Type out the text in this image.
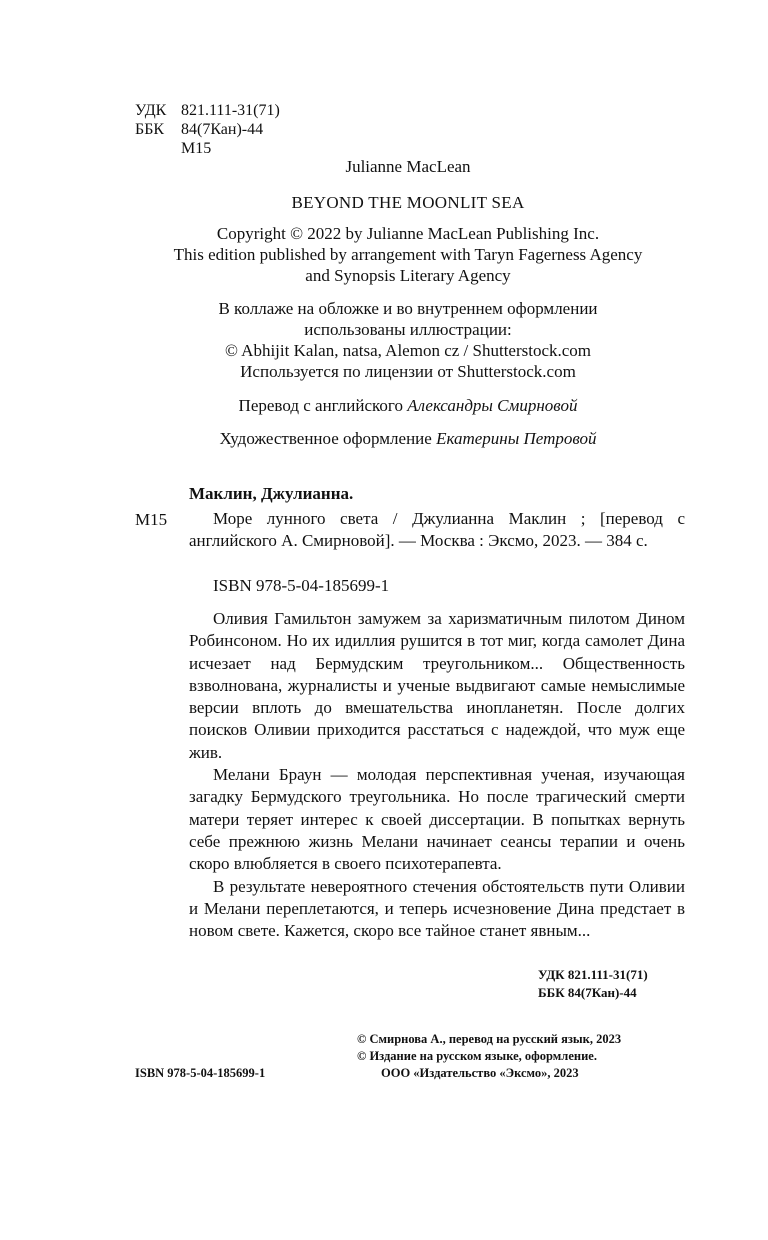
УДК 821.111-31(71)
ББК 84(7Кан)-44
М15
Julianne MacLean
BEYOND THE MOONLIT SEA
Copyright © 2022 by Julianne MacLean Publishing Inc.
This edition published by arrangement with Taryn Fagerness Agency
and Synopsis Literary Agency
В коллаже на обложке и во внутреннем оформлении
использованы иллюстрации:
© Abhijit Kalan, natsa, Alemon cz / Shutterstock.com
Используется по лицензии от Shutterstock.com
Перевод с английского Александры Смирновой
Художественное оформление Екатерины Петровой
Маклин, Джулианна.
М15	Море лунного света / Джулианна Маклин ; [перевод с английского А. Смирновой]. — Москва : Эксмо, 2023. — 384 с.
ISBN 978-5-04-185699-1

Оливия Гамильтон замужем за харизматичным пилотом Дином Робинсоном. Но их идиллия рушится в тот миг, когда самолет Дина исчезает над Бермудским треугольником... Общественность взволнована, журналисты и ученые выдвигают самые немыслимые версии вплоть до вмешательства инопланетян. После долгих поисков Оливии приходится расстаться с надеждой, что муж еще жив.

Мелани Браун — молодая перспективная ученая, изучающая загадку Бермудского треугольника. Но после трагический смерти матери теряет интерес к своей диссертации. В попытках вернуть себе прежнюю жизнь Мелани начинает сеансы терапии и очень скоро влюбляется в своего психотерапевта.

В результате невероятного стечения обстоятельств пути Оливии и Мелани переплетаются, и теперь исчезновение Дина предстает в новом свете. Кажется, скоро все тайное станет явным...

УДК 821.111-31(71)
ББК 84(7Кан)-44
© Смирнова А., перевод на русский язык, 2023
© Издание на русском языке, оформление.
ООО «Издательство «Эксмо», 2023
ISBN 978-5-04-185699-1
